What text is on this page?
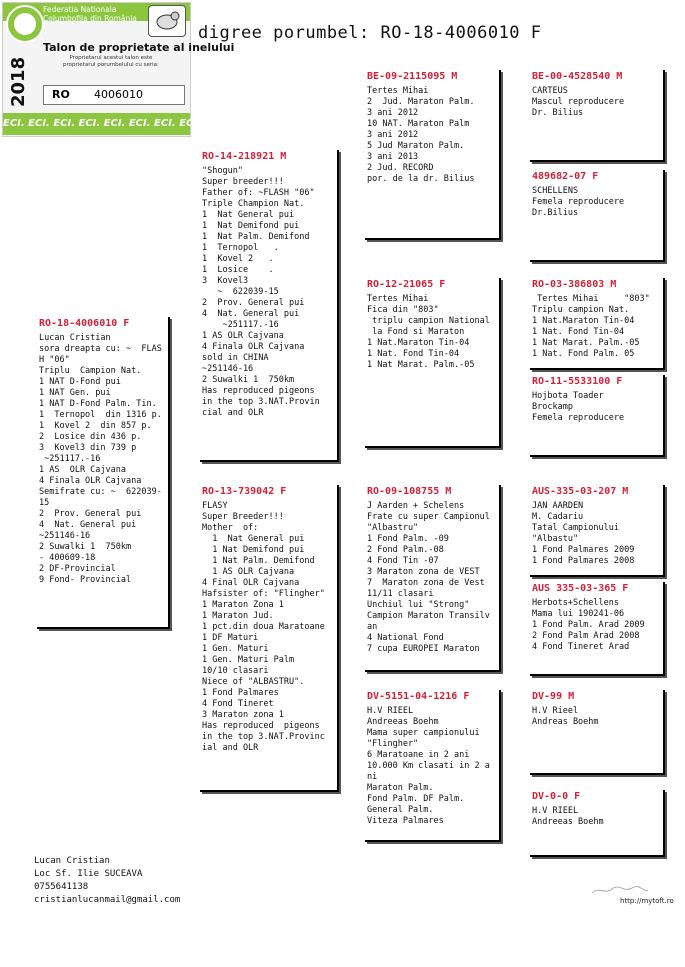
digree porumbel: RO-18-4006010 F
Federatia Nationala
Columbofila din România
2018
Talon de proprietate al inelului
Proprietarul acestui talon este
proprietarul porumbelului cu seria:
RO 4006010
ECI. ECI. ECI. ECI. ECI. ECI. ECI. ECI. ECI.
RO-18-4006010 F
Lucan Cristian
sora dreapta cu: ~  FLAS
H "06"
Triplu  Campion Nat.
1 NAT D-Fond pui
1 NAT Gen. pui
1 NAT D-Fond Palm. Tin.
1  Ternopol  din 1316 p.
1  Kovel 2  din 857 p.
2  Losice din 436 p.
3  Kovel3 din 739 p
~251117.-16
1 AS  OLR Cajvana
4 Finala OLR Cajvana
Semifrate cu: ~  622039-
15
2  Prov. General pui
4  Nat. General pui
~251146-16
2 Suwalki 1  750km
- 400609-18
2 DF-Provincial
9 Fond- Provincial
RO-14-218921 M
"Shogun"
Super breeder!!!
Father of: ~FLASH "06"
Triple Champion Nat.
1  Nat General pui
1  Nat Demifond pui
1  Nat Palm. Demifond
1  Ternopol   .
1  Kovel 2   .
1  Losice    .
3  Kovel3
~  622039-15
2  Prov. General pui
4  Nat. General pui
~251117.-16
1 AS OLR Cajvana
4 Finala OLR Cajvana
sold in CHINA
~251146-16
2 Suwalki 1  750km
Has reproduced pigeons
in the top 3.NAT.Provin
cial and OLR
RO-13-739042 F
FLASY
Super Breeder!!!
Mother  of:
1  Nat General pui
1 Nat Demifond pui
1 Nat Palm. Demifond
1 AS OLR Cajvana
4 Final OLR Cajvana
Hafsister of: "Flingher"
1 Maraton Zona 1
1 Maraton Jud.
1 pct.din doua Maratoane
1 DF Maturi
1 Gen. Maturi
1 Gen. Maturi Palm
10/10 clasari
Niece of "ALBASTRU".
1 Fond Palmares
4 Fond Tineret
3 Maraton zona 1
Has reproduced  pigeons
in the top 3.NAT.Provinc
ial and OLR
BE-09-2115095 M
Tertes Mihai
2  Jud. Maraton Palm.
3 ani 2012
10 NAT. Maraton Palm
3 ani 2012
5 Jud Maraton Palm.
3 ani 2013
2 Jud. RECORD
por. de la dr. Bilius
RO-12-21065 F
Tertes Mihai
Fica din "803"
triplu campion National
la Fond si Maraton
1 Nat.Maraton Tin-04
1 Nat. Fond Tin-04
1 Nat Marat. Palm.-05
RO-09-108755 M
J Aarden + Schelens
Frate cu super Campionul
"Albastru"
1 Fond Palm. -09
2 Fond Palm.-08
4 Fond Tin -07
3 Maraton zona de VEST
7  Maraton zona de Vest
11/11 clasari
Unchiul lui "Strong"
Campion Maraton Transilv
an
4 National Fond
7 cupa EUROPEI Maraton
DV-5151-04-1216 F
H.V RIEEL
Andreeas Boehm
Mama super campionului
"Flingher"
6 Maratoane in 2 ani
10.000 Km clasati in 2 a
ni
Maraton Palm.
Fond Palm. DF Palm.
General Palm.
Viteza Palmares
BE-00-4528540 M
CARTEUS
Mascul reproducere
Dr. Bilius
489682-07 F
SCHELLENS
Femela reproducere
Dr.Bilius
RO-03-386803 M
Tertes Mihai     "803"
Triplu campion Nat.
1 Nat.Maraton Tin-04
1 Nat. Fond Tin-04
1 Nat Marat. Palm.-05
1 Nat. Fond Palm. 05
RO-11-5533100 F
Hojbota Toader
Brockamp
Femela reproducere
AUS-335-03-207 M
JAN AARDEN
M. Cadariu
Tatal Campionului
"Albastu"
1 Fond Palmares 2009
1 Fond Palmares 2008
AUS 335-03-365 F
Herbots+Schellens
Mama lui 190241-06
1 Fond Palm. Arad 2009
2 Fond Palm Arad 2008
4 Fond Tineret Arad
DV-99 M
H.V Rieel
Andreas Boehm
DV-0-0 F
H.V RIEEL
Andreeas Boehm
Lucan Cristian
Loc Sf. Ilie SUCEAVA
0755641138
cristianlucanmail@gmail.com	http://mytoft.ro
